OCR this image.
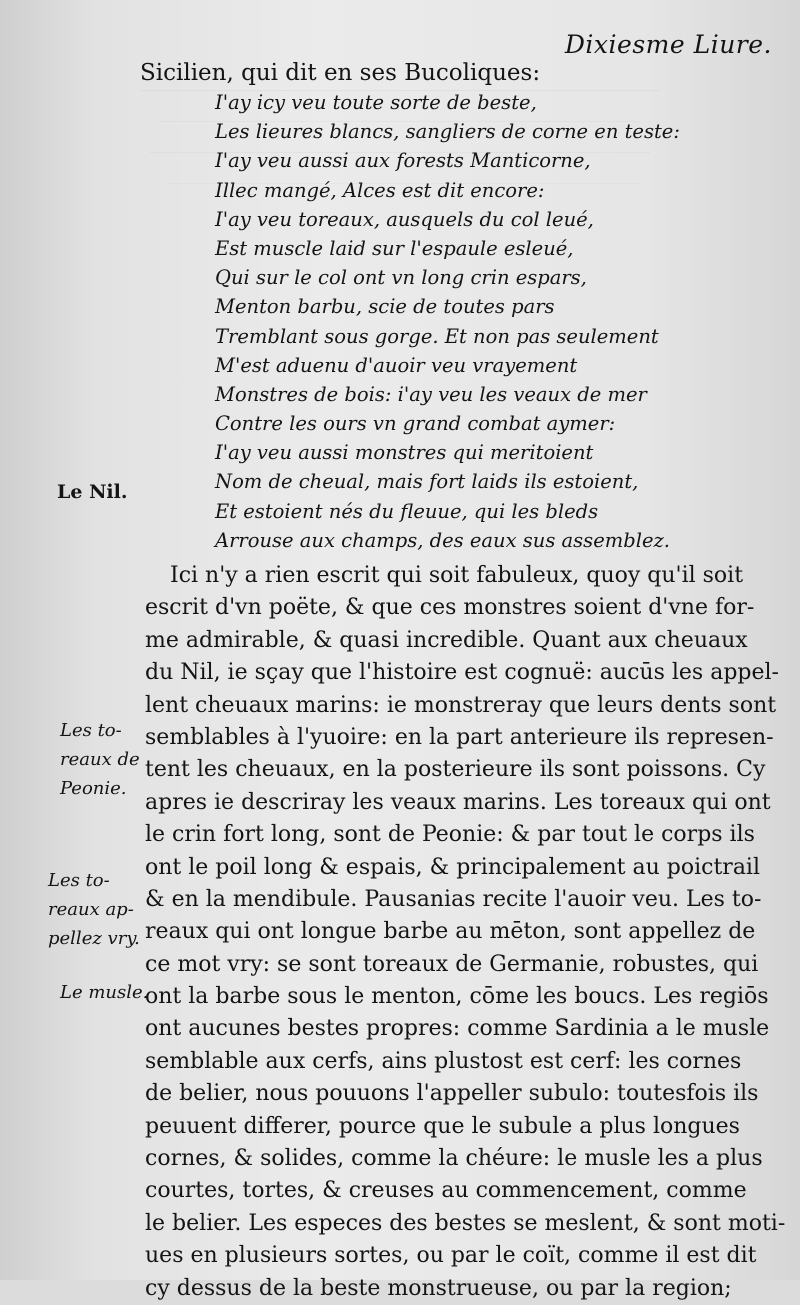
Dixiesme Liure.
Sicilien, qui dit en ses Bucoliques:
I'ay icy veu toute sorte de beste,
Les lieures blancs, sangliers de corne en teste:
I'ay veu aussi aux forests Manticorne,
Illec mangé, Alces est dit encore:
I'ay veu toreaux, ausquels du col leué,
Est muscle laid sur l'espaule esleué,
Qui sur le col ont vn long crin espars,
Menton barbu, scie de toutes pars
Tremblant sous gorge. Et non pas seulement
M'est aduenu d'auoir veu vrayement
Monstres de bois: i'ay veu les veaux de mer
Contre les ours vn grand combat aymer:
I'ay veu aussi monstres qui meritoient
Nom de cheual, mais fort laids ils estoient,
Et estoient nés du fleuue, qui les bleds
Arrouse aux champs, des eaux sus assemblez.
Le Nil.
Ici n'y a rien escrit qui soit fabuleux, quoy qu'il soit
escrit d'vn poëte, & que ces monstres soient d'vne for-
me admirable, & quasi incredible. Quant aux cheuaux
du Nil, ie sçay que l'histoire est cognuë: aucūs les appel-
lent cheuaux marins: ie monstreray que leurs dents sont
semblables à l'yuoire: en la part anterieure ils represen-
tent les cheuaux, en la posterieure ils sont poissons. Cy
apres ie descriray les veaux marins. Les toreaux qui ont
le crin fort long, sont de Peonie: & par tout le corps ils
ont le poil long & espais, & principalement au poictrail
& en la mendibule. Pausanias recite l'auoir veu. Les to-
reaux qui ont longue barbe au mēton, sont appellez de
ce mot vry: se sont toreaux de Germanie, robustes, qui
ont la barbe sous le menton, cōme les boucs. Les regiōs
ont aucunes bestes propres: comme Sardinia a le musle
semblable aux cerfs, ains plustost est cerf: les cornes
de belier, nous pouuons l'appeller subulo: toutesfois ils
peuuent differer, pource que le subule a plus longues
cornes, & solides, comme la chéure: le musle les a plus
courtes, tortes, & creuses au commencement, comme
le belier. Les especes des bestes se meslent, & sont moti-
ues en plusieurs sortes, ou par le coït, comme il est dit
cy dessus de la beste monstrueuse, ou par la region;
Les to-
reaux de
Peonie.
Les to-
reaux ap-
pellez vry.
Le musle.
